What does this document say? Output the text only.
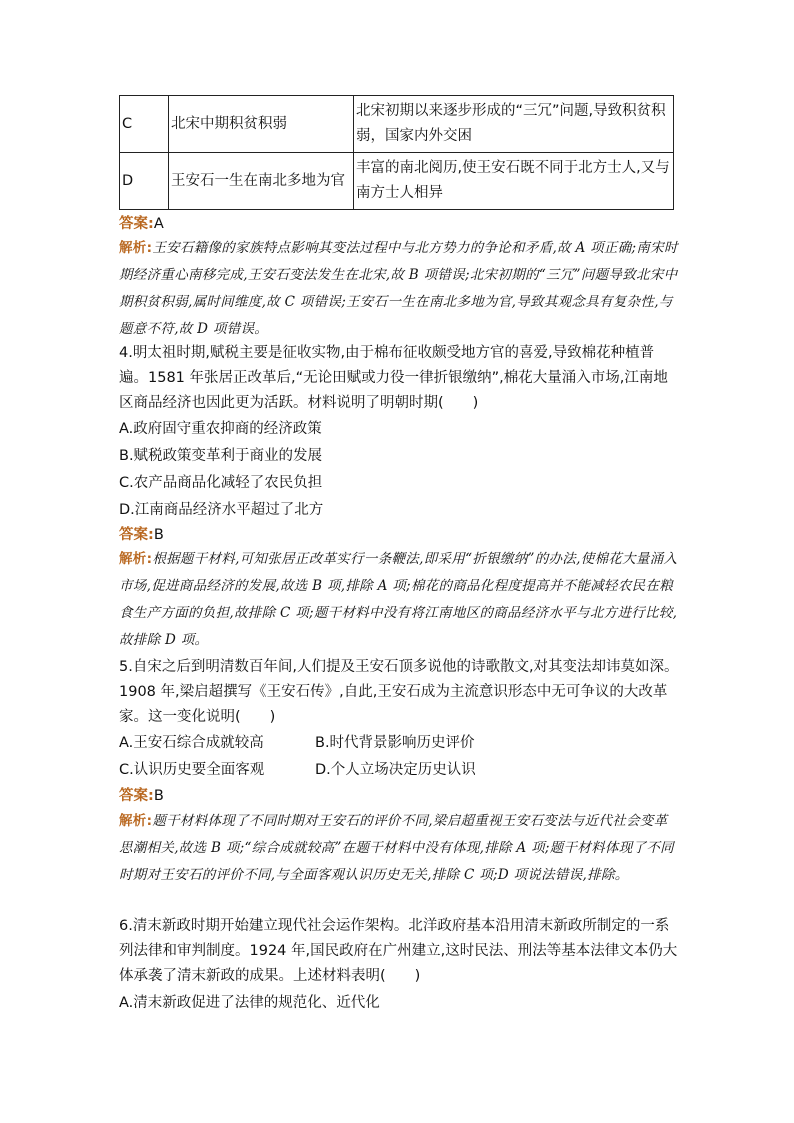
C	北宋中期积贫积弱	北宋初期以来逐步形成的“三冗”问题,导致积贫积弱，国家内外交困
D	王安石一生在南北多地为官	丰富的南北阅历,使王安石既不同于北方士人,又与南方士人相异
答案:A
解析:王安石籍像的家族特点影响其变法过程中与北方势力的争论和矛盾,故 A 项正确;南宋时期经济重心南移完成,王安石变法发生在北宋,故 B 项错误;北宋初期的“三冗”问题导致北宋中期积贫积弱,属时间维度,故 C 项错误;王安石一生在南北多地为官,导致其观念具有复杂性,与题意不符,故 D 项错误。
4.明太祖时期,赋税主要是征收实物,由于棉布征收颇受地方官的喜爱,导致棉花种植普遍。1581 年张居正改革后,“无论田赋或力役一律折银缴纳”,棉花大量涌入市场,江南地区商品经济也因此更为活跃。材料说明了明朝时期(　　)
A.政府固守重农抑商的经济政策
B.赋税政策变革利于商业的发展
C.农产品商品化减轻了农民负担
D.江南商品经济水平超过了北方
答案:B
解析:根据题干材料,可知张居正改革实行一条鞭法,即采用“折银缴纳”的办法,使棉花大量涌入市场,促进商品经济的发展,故选 B 项,排除 A 项;棉花的商品化程度提高并不能减轻农民在粮食生产方面的负担,故排除 C 项;题干材料中没有将江南地区的商品经济水平与北方进行比较,故排除 D 项。
5.自宋之后到明清数百年间,人们提及王安石顶多说他的诗歌散文,对其变法却讳莫如深。1908 年,梁启超撰写《王安石传》,自此,王安石成为主流意识形态中无可争议的大改革家。这一变化说明(　　)
A.王安石综合成就较高	B.时代背景影响历史评价
C.认识历史要全面客观	D.个人立场决定历史认识
答案:B
解析:题干材料体现了不同时期对王安石的评价不同,梁启超重视王安石变法与近代社会变革思潮相关,故选 B 项;“综合成就较高”在题干材料中没有体现,排除 A 项;题干材料体现了不同时期对王安石的评价不同,与全面客观认识历史无关,排除 C 项;D 项说法错误,排除。
6.清末新政时期开始建立现代社会运作架构。北洋政府基本沿用清末新政所制定的一系列法律和审判制度。1924 年,国民政府在广州建立,这时民法、刑法等基本法律文本仍大体承袭了清末新政的成果。上述材料表明(　　)
A.清末新政促进了法律的规范化、近代化
